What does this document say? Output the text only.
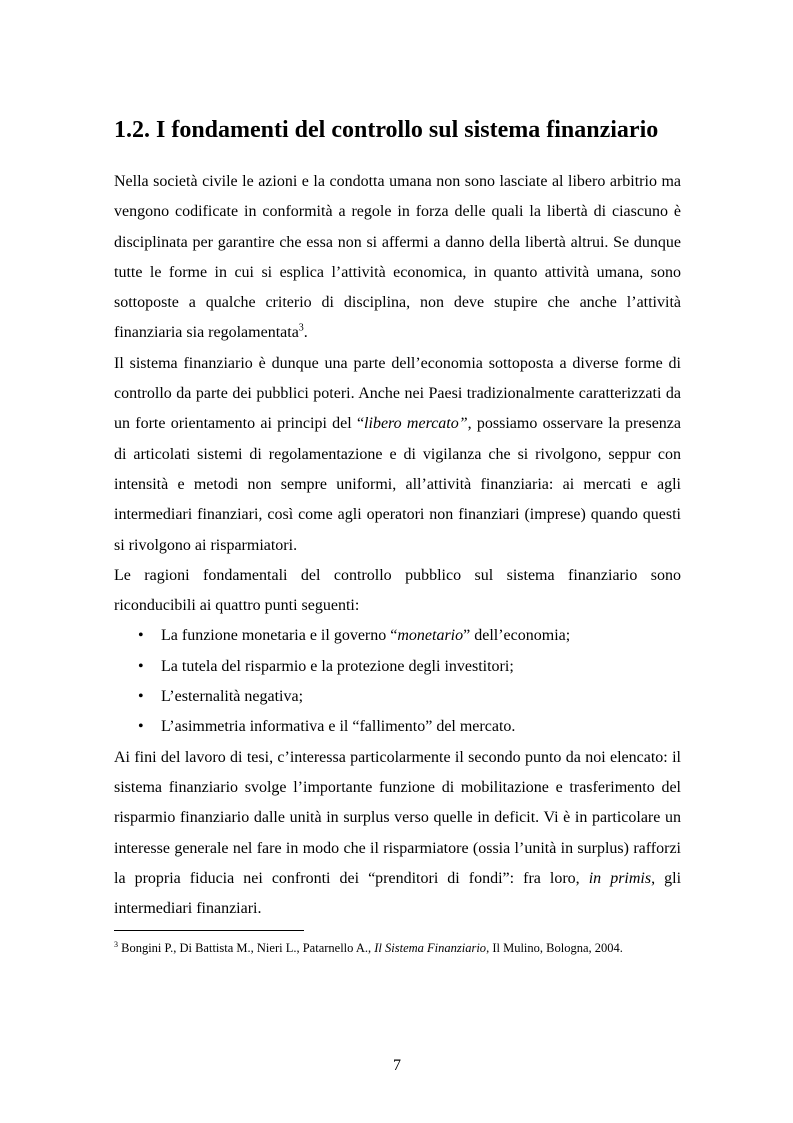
1.2. I fondamenti del controllo sul sistema finanziario

Nella società civile le azioni e la condotta umana non sono lasciate al libero arbitrio ma vengono codificate in conformità a regole in forza delle quali la libertà di ciascuno è disciplinata per garantire che essa non si affermi a danno della libertà altrui. Se dunque tutte le forme in cui si esplica l’attività economica, in quanto attività umana, sono sottoposte a qualche criterio di disciplina, non deve stupire che anche l’attività finanziaria sia regolamentata$^3$.

Il sistema finanziario è dunque una parte dell’economia sottoposta a diverse forme di controllo da parte dei pubblici poteri. Anche nei Paesi tradizionalmente caratterizzati da un forte orientamento ai principi del “libero mercato”, possiamo osservare la presenza di articolati sistemi di regolamentazione e di vigilanza che si rivolgono, seppur con intensità e metodi non sempre uniformi, all’attività finanziaria: ai mercati e agli intermediari finanziari, così come agli operatori non finanziari (imprese) quando questi si rivolgono ai risparmiatori.

Le ragioni fondamentali del controllo pubblico sul sistema finanziario sono riconducibili ai quattro punti seguenti:

• La funzione monetaria e il governo “monetario” dell’economia;
• La tutela del risparmio e la protezione degli investitori;
• L’esternalità negativa;
• L’asimmetria informativa e il “fallimento” del mercato.

Ai fini del lavoro di tesi, c’interessa particolarmente il secondo punto da noi elencato: il sistema finanziario svolge l’importante funzione di mobilitazione e trasferimento del risparmio finanziario dalle unità in surplus verso quelle in deficit. Vi è in particolare un interesse generale nel fare in modo che il risparmiatore (ossia l’unità in surplus) rafforzi la propria fiducia nei confronti dei “prenditori di fondi”: fra loro, in primis, gli intermediari finanziari.

$^3$ Bongini P., Di Battista M., Nieri L., Patarnello A., Il Sistema Finanziario, Il Mulino, Bologna, 2004.
7
